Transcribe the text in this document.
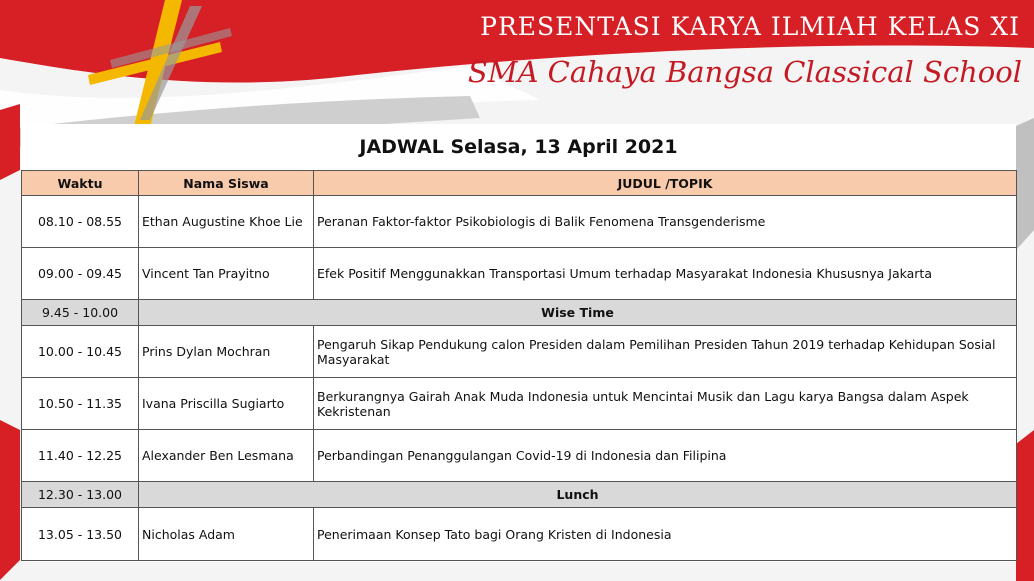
PRESENTASI KARYA ILMIAH KELAS XI
SMA Cahaya Bangsa Classical School
JADWAL Selasa, 13 April 2021
Waktu	Nama Siswa	JUDUL /TOPIK
08.10 - 08.55	Ethan Augustine Khoe Lie	Peranan Faktor-faktor Psikobiologis di Balik Fenomena Transgenderisme
09.00 - 09.45	Vincent Tan Prayitno	Efek Positif Menggunakkan Transportasi Umum terhadap Masyarakat Indonesia Khususnya Jakarta
9.45 - 10.00	Wise Time	
10.00 - 10.45	Prins Dylan Mochran	Pengaruh Sikap Pendukung calon Presiden dalam Pemilihan Presiden Tahun 2019 terhadap Kehidupan Sosial Masyarakat
10.50 - 11.35	Ivana Priscilla Sugiarto	Berkurangnya Gairah Anak Muda Indonesia untuk Mencintai Musik dan Lagu karya Bangsa dalam Aspek Kekristenan
11.40 - 12.25	Alexander Ben Lesmana	Perbandingan Penanggulangan Covid-19 di Indonesia dan Filipina
12.30 - 13.00	Lunch	
13.05 - 13.50	Nicholas Adam	Penerimaan Konsep Tato bagi Orang Kristen di Indonesia
